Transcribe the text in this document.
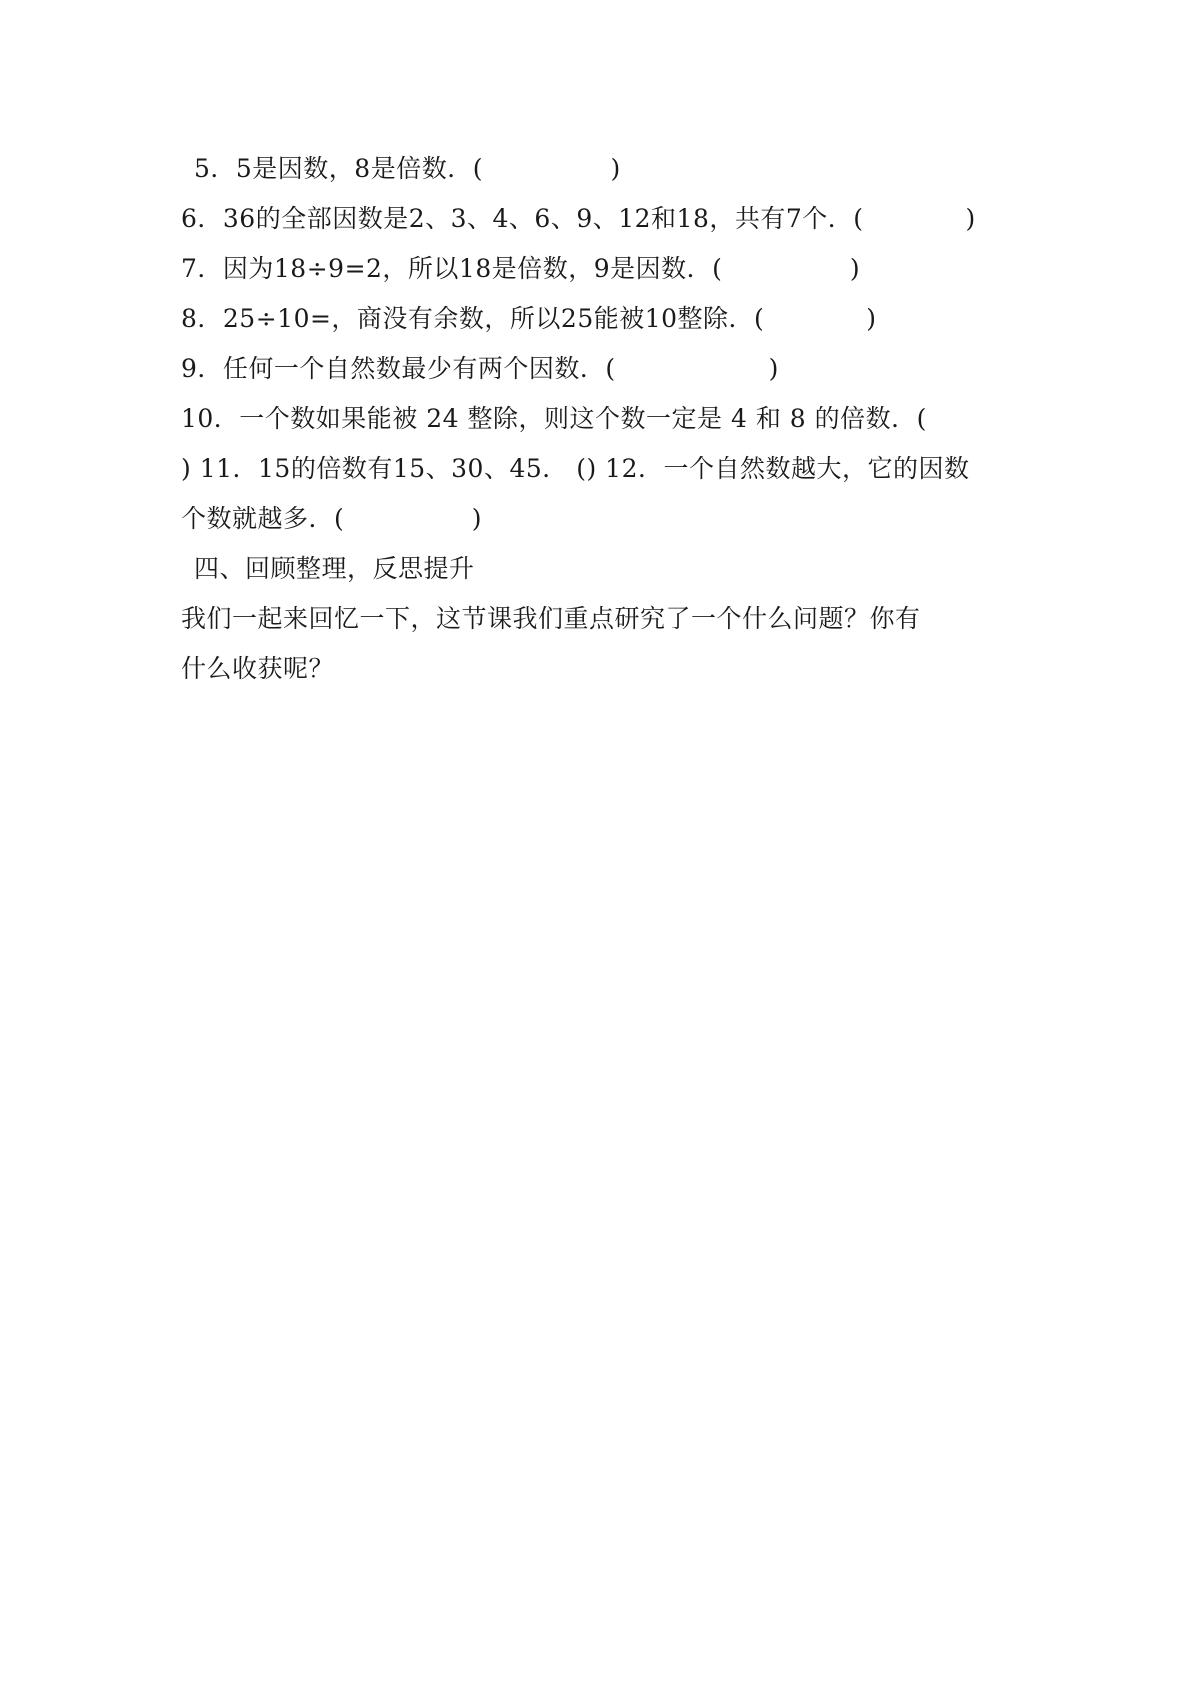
5．5是因数，8是倍数．(　　　　　)
6．36的全部因数是2、3、4、6、9、12和18，共有7个．(　　　　)
7．因为18÷9=2，所以18是倍数，9是因数．(　　　　　)
8．25÷10=，商没有余数，所以25能被10整除．(　　　　)
9．任何一个自然数最少有两个因数．(　　　　　　)
10．一个数如果能被 24 整除，则这个数一定是 4 和 8 的倍数．(
) 11．15的倍数有15、30、45． () 12．一个自然数越大，它的因数
个数就越多．(　　　　　)
四、回顾整理，反思提升
我们一起来回忆一下，这节课我们重点研究了一个什么问题？你有
什么收获呢？
